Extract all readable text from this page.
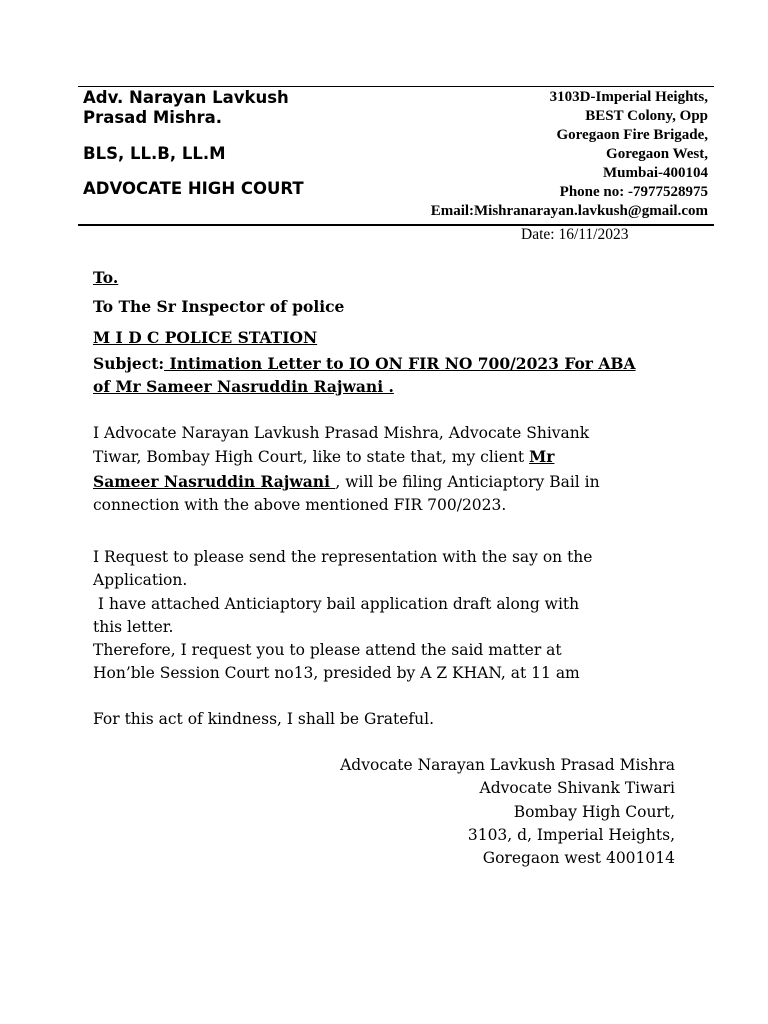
Adv. Narayan Lavkush
Prasad Mishra.
BLS, LL.B, LL.M
ADVOCATE HIGH COURT
3103D-Imperial Heights,
BEST Colony, Opp
Goregaon Fire Brigade,
Goregaon West,
Mumbai-400104
Phone no: -7977528975
Email:Mishranarayan.lavkush@gmail.com
Date: 16/11/2023
To.
To The Sr Inspector of police
M I D C POLICE STATION
Subject: Intimation Letter to IO ON FIR NO 700/2023 For ABA
of Mr Sameer Nasruddin Rajwani .
I Advocate Narayan Lavkush Prasad Mishra, Advocate Shivank
Tiwar, Bombay High Court, like to state that, my client Mr
Sameer Nasruddin Rajwani , will be filing Anticiaptory Bail in
connection with the above mentioned FIR 700/2023.
I Request to please send the representation with the say on the
Application.
I have attached Anticiaptory bail application draft along with
this letter.
Therefore, I request you to please attend the said matter at
Hon’ble Session Court no13, presided by A Z KHAN, at 11 am
For this act of kindness, I shall be Grateful.
Advocate Narayan Lavkush Prasad Mishra
Advocate Shivank Tiwari
Bombay High Court,
3103, d, Imperial Heights,
Goregaon west 4001014
